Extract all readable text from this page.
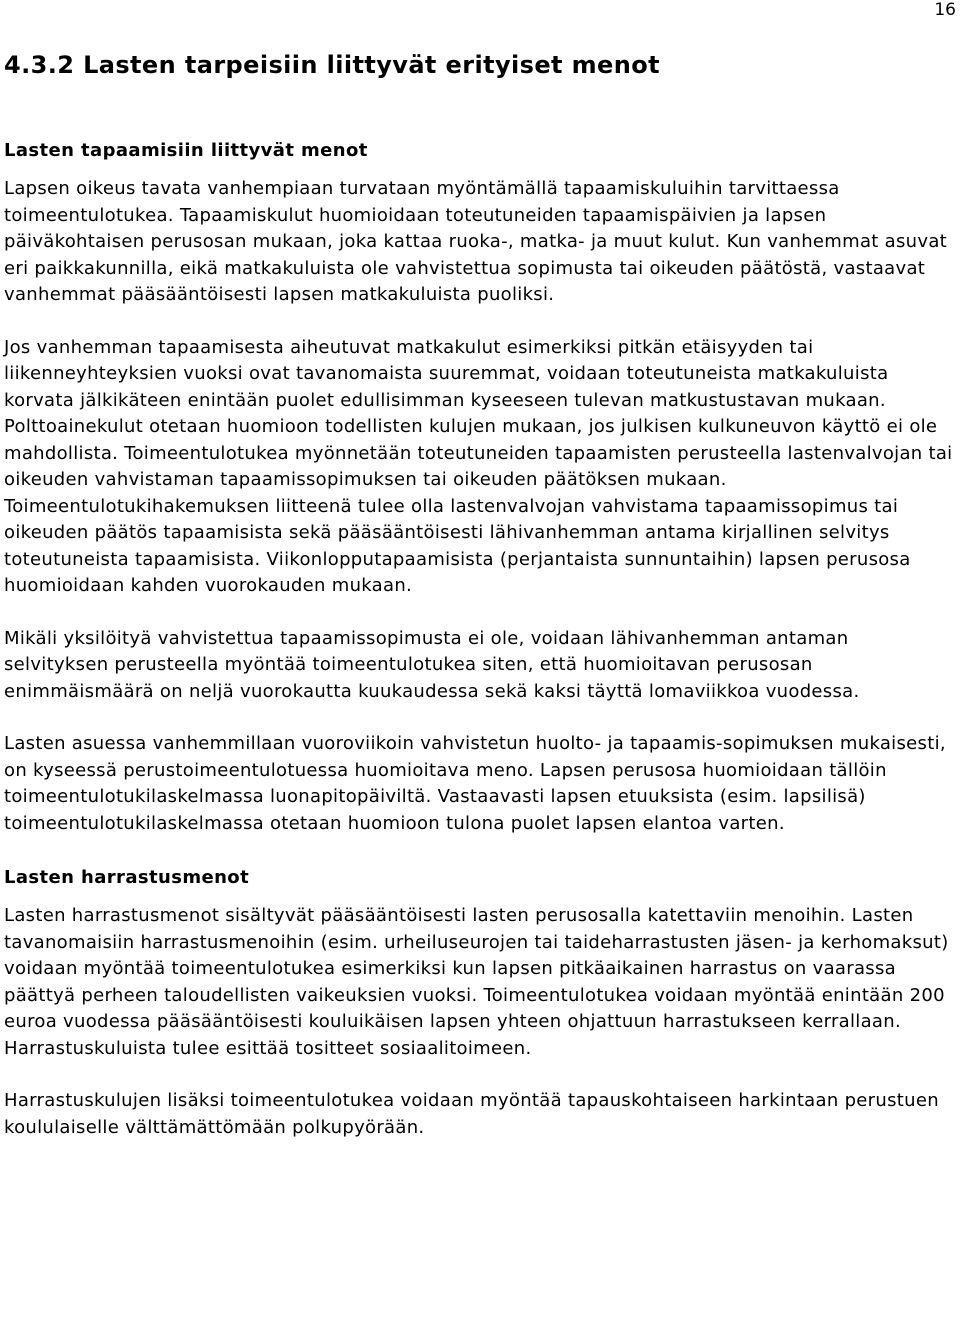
16
4.3.2 Lasten tarpeisiin liittyvät erityiset menot
Lasten tapaamisiin liittyvät menot

Lapsen oikeus tavata vanhempiaan turvataan myöntämällä tapaamiskuluihin tarvittaessa toimeentulotukea. Tapaamiskulut huomioidaan toteutuneiden tapaamispäivien ja lapsen päiväkohtaisen perusosan mukaan, joka kattaa ruoka-, matka- ja muut kulut. Kun vanhemmat asuvat eri paikkakunnilla, eikä matkakuluista ole vahvistettua sopimusta tai oikeuden päätöstä, vastaavat vanhemmat pääsääntöisesti lapsen matkakuluista puoliksi.

Jos vanhemman tapaamisesta aiheutuvat matkakulut esimerkiksi pitkän etäisyyden tai liikenneyhteyksien vuoksi ovat tavanomaista suuremmat, voidaan toteutuneista matkakuluista korvata jälkikäteen enintään puolet edullisimman kyseeseen tulevan matkustustavan mukaan. Polttoainekulut otetaan huomioon todellisten kulujen mukaan, jos julkisen kulkuneuvon käyttö ei ole mahdollista. Toimeentulotukea myönnetään toteutuneiden tapaamisten perusteella lastenvalvojan tai oikeuden vahvistaman tapaamissopimuksen tai oikeuden päätöksen mukaan. Toimeentulotukihakemuksen liitteenä tulee olla lastenvalvojan vahvistama tapaamissopimus tai oikeuden päätös tapaamisista sekä pääsääntöisesti lähivanhemman antama kirjallinen selvitys toteutuneista tapaamisista. Viikonlopputapaamisista (perjantaista sunnuntaihin) lapsen perusosa huomioidaan kahden vuorokauden mukaan.

Mikäli yksilöityä vahvistettua tapaamissopimusta ei ole, voidaan lähivanhemman antaman selvityksen perusteella myöntää toimeentulotukea siten, että huomioitavan perusosan enimmäismäärä on neljä vuorokautta kuukaudessa sekä kaksi täyttä lomaviikkoa vuodessa.

Lasten asuessa vanhemmillaan vuoroviikoin vahvistetun huolto- ja tapaamis-sopimuksen mukaisesti, on kyseessä perustoimeentulotuessa huomioitava meno. Lapsen perusosa huomioidaan tällöin toimeentulotukilaskelmassa luonapitopäiviltä. Vastaavasti lapsen etuuksista (esim. lapsilisä) toimeentulotukilaskelmassa otetaan huomioon tulona puolet lapsen elantoa varten.

Lasten harrastusmenot

Lasten harrastusmenot sisältyvät pääsääntöisesti lasten perusosalla katettaviin menoihin. Lasten tavanomaisiin harrastusmenoihin (esim. urheiluseurojen tai taideharrastusten jäsen- ja kerhomaksut) voidaan myöntää toimeentulotukea esimerkiksi kun lapsen pitkäaikainen harrastus on vaarassa päättyä perheen taloudellisten vaikeuksien vuoksi. Toimeentulotukea voidaan myöntää enintään 200 euroa vuodessa pääsääntöisesti kouluikäisen lapsen yhteen ohjattuun harrastukseen kerrallaan. Harrastuskuluista tulee esittää tositteet sosiaalitoimeen.

Harrastuskulujen lisäksi toimeentulotukea voidaan myöntää tapauskohtaiseen harkintaan perustuen koululaiselle välttämättömään polkupyörään.
